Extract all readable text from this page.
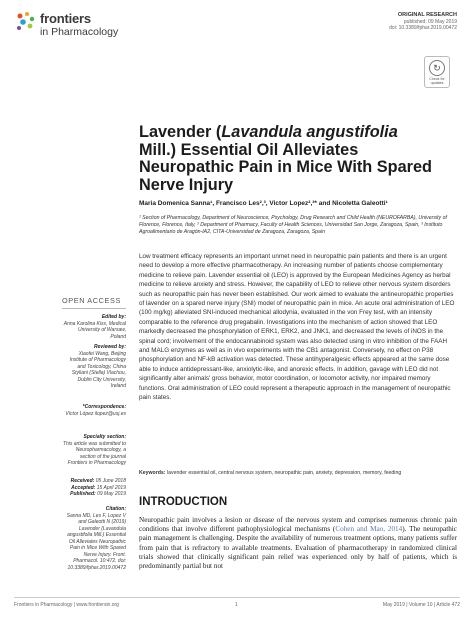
frontiers
in Pharmacology
ORIGINAL RESEARCH
published: 09 May 2019
doi: 10.3389/fphar.2019.00472
↻
Check for updates
Lavender (Lavandula angustifolia Mill.) Essential Oil Alleviates Neuropathic Pain in Mice With Spared Nerve Injury
Maria Domenica Sanna¹, Francisco Les²,³, Victor Lopez²,³* and Nicoletta Galeotti¹
¹ Section of Pharmacology, Department of Neuroscience, Psychology, Drug Research and Child Health (NEUROFARBA), University of Florence, Florence, Italy, ² Department of Pharmacy, Faculty of Health Sciences, Universidad San Jorge, Zaragoza, Spain, ³ Instituto Agroalimentario de Aragón-IA2, CITA-Universidad de Zaragoza, Zaragoza, Spain
OPEN ACCESS
Edited by:
Anna Karolina Kiss, Medical University of Warsaw, Poland
Reviewed by:
Xiaofei Wang, Beijing Institute of Pharmacology and Toxicology, China
Styliani (Stella) Vlachou, Dublin City University, Ireland
*Correspondence:
Víctor López ilopez@usj.es
Specialty section:
This article was submitted to Neuropharmacology, a section of the journal Frontiers in Pharmacology
Received: 05 June 2018
Accepted: 15 April 2019
Published: 09 May 2019
Citation:
Sanna MD, Les F, Lopez V and Galeotti N (2019) Lavender (Lavandula angustifolia Mill.) Essential Oil Alleviates Neuropathic Pain in Mice With Spared Nerve Injury. Front. Pharmacol. 10:472. doi: 10.3389/fphar.2019.00472
Low treatment efficacy represents an important unmet need in neuropathic pain patients and there is an urgent need to develop a more effective pharmacotherapy. An increasing number of patients choose complementary medicine to relieve pain. Lavender essential oil (LEO) is approved by the European Medicines Agency as herbal medicine to relieve anxiety and stress. However, the capability of LEO to relieve other nervous system disorders such as neuropathic pain has never been established. Our work aimed to evaluate the antineuropathic properties of lavender on a spared nerve injury (SNI) model of neuropathic pain in mice. An acute oral administration of LEO (100 mg/kg) alleviated SNI-induced mechanical allodynia, evaluated in the von Frey test, with an intensity comparable to the reference drug pregabalin. Investigations into the mechanism of action showed that LEO markedly decreased the phosphorylation of ERK1, ERK2, and JNK1, and decreased the levels of iNOS in the spinal cord; involvement of the endocannabinoid system was also detected using in vitro inhibition of the FAAH and MALG enzymes as well as in vivo experiments with the CB1 antagonist. Conversely, no effect on P38 phosphorylation and NF-kB activation was detected. These antihyperalgesic effects appeared at the same dose able to induce antidepressant-like, anxiolytic-like, and anorexic effects. In addition, gavage with LEO did not significantly alter animals' gross behavior, motor coordination, or locomotor activity, nor impaired memory functions. Oral administration of LEO could represent a therapeutic approach in the management of neuropathic pain states.
Keywords: lavender essential oil, central nervous system, neuropathic pain, anxiety, depression, memory, feeding
INTRODUCTION
Neuropathic pain involves a lesion or disease of the nervous system and comprises numerous chronic pain conditions that involve different pathophysiological mechanisms (Cohen and Mao, 2014). The neuropathic pain management is challenging. Despite the availability of numerous treatment options, many patients suffer from pain that is refractory to available treatments. Evaluation of pharmacotherapy in randomized clinical trials showed that clinically significant pain relief was experienced only by half of patients, which is predominantly partial but not
Frontiers in Pharmacology | www.frontiersin.org	1	May 2019 | Volume 10 | Article 472
